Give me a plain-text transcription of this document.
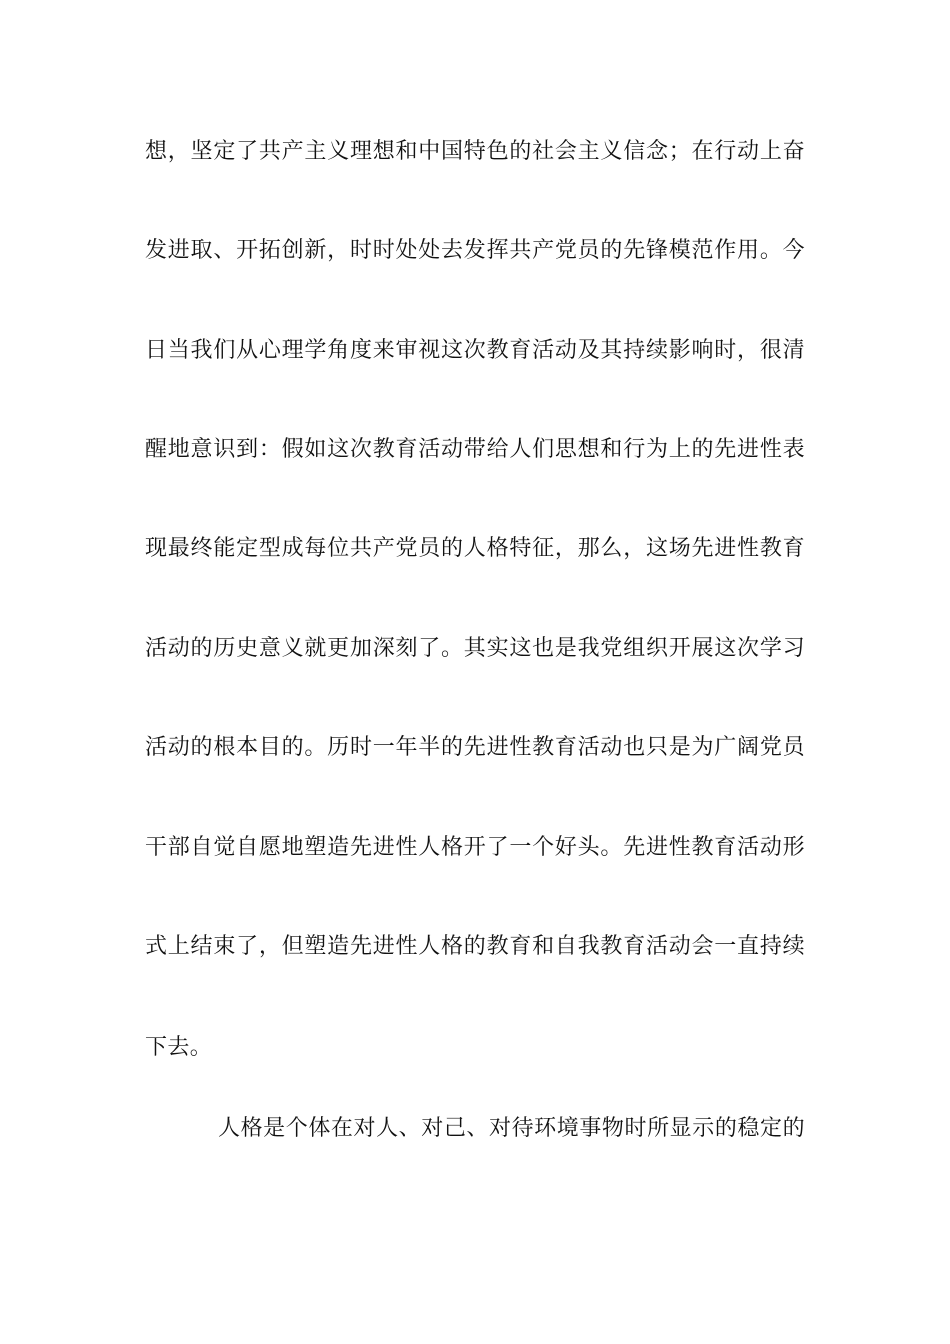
想，坚定了共产主义理想和中国特色的社会主义信念；在行动上奋
发进取、开拓创新，时时处处去发挥共产党员的先锋模范作用。今
日当我们从心理学角度来审视这次教育活动及其持续影响时，很清
醒地意识到：假如这次教育活动带给人们思想和行为上的先进性表
现最终能定型成每位共产党员的人格特征，那么，这场先进性教育
活动的历史意义就更加深刻了。其实这也是我党组织开展这次学习
活动的根本目的。历时一年半的先进性教育活动也只是为广阔党员
干部自觉自愿地塑造先进性人格开了一个好头。先进性教育活动形
式上结束了，但塑造先进性人格的教育和自我教育活动会一直持续
下去。
人格是个体在对人、对己、对待环境事物时所显示的稳定的
